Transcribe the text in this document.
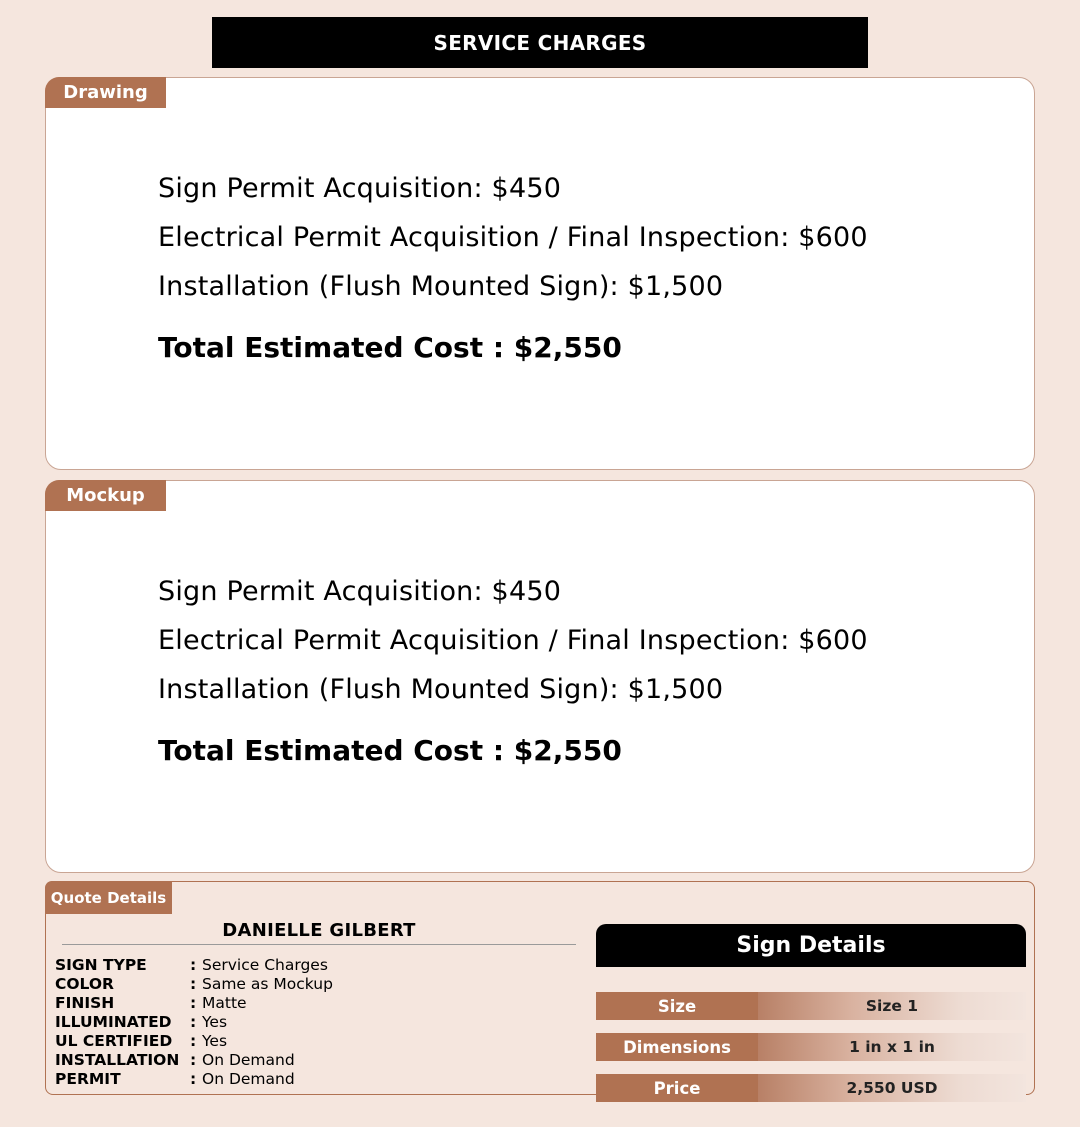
SERVICE CHARGES
Drawing
Sign Permit Acquisition: $450
Electrical Permit Acquisition / Final Inspection: $600
Installation (Flush Mounted Sign): $1,500
Total Estimated Cost : $2,550
Mockup
Sign Permit Acquisition: $450
Electrical Permit Acquisition / Final Inspection: $600
Installation (Flush Mounted Sign): $1,500
Total Estimated Cost : $2,550
Quote Details
DANIELLE GILBERT
SIGN TYPE	: Service Charges
COLOR	: Same as Mockup
FINISH	: Matte
ILLUMINATED	: Yes
UL CERTIFIED	: Yes
INSTALLATION : On Demand
PERMIT	: On Demand
Sign Details
Size	Size 1
Dimensions	1 in x 1 in
Price	2,550 USD
